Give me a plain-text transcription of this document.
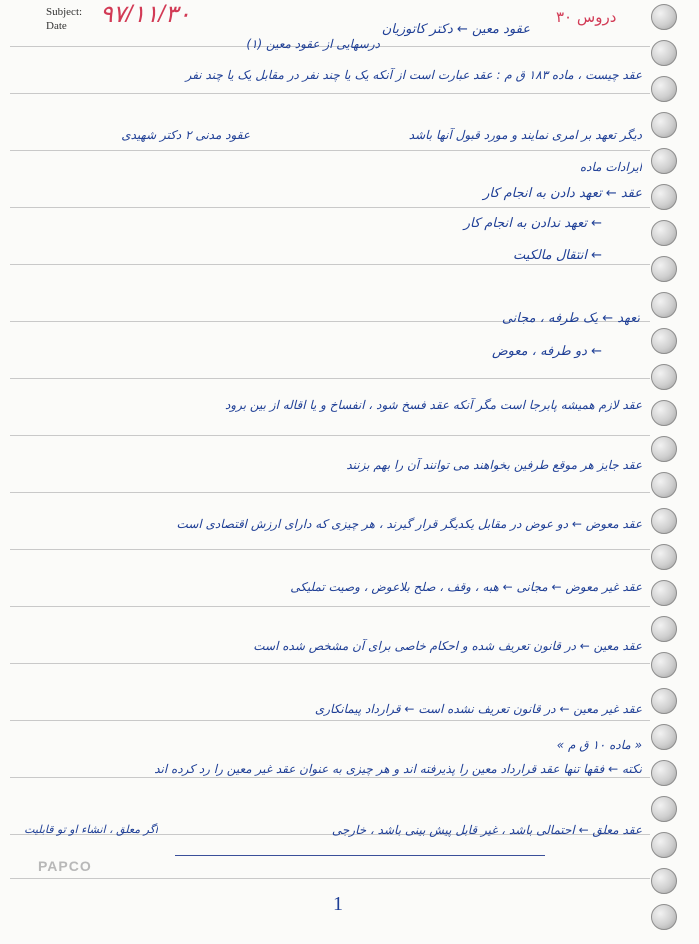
Subject:
Date ۹۷/۱۱/۳۰	دروس ۳۰
عقود معین ← دکتر کاتوزیان
درسهایی از عقود معین (۱)
عقد چیست ، ماده ۱۸۳ ق م : عقد عبارت است از آنکه یک یا چند نفر در مقابل یک یا چند نفر
دیگر تعهد بر امری نمایند و مورد قبول آنها باشد
عقود مدنی ۲ دکتر شهیدی
ایرادات ماده
عقد ← تعهد دادن به انجام کار
← تعهد ندادن به انجام کار
← انتقال مالکیت
تعهد ← یک طرفه ، مجانی
← دو طرفه ، معوض
عقد لازم همیشه پابرجا است مگر آنکه عقد فسخ شود ، انفساخ و یا اقاله از بین برود
عقد جایز هر موقع طرفین بخواهند می توانند آن را بهم بزنند
عقد معوض ← دو عوض در مقابل یکدیگر قرار گیرند ، هر چیزی که دارای ارزش اقتصادی است
عقد غیر معوض ← مجانی ← هبه ، وقف ، صلح بلاعوض ، وصیت تملیکی
عقد معین ← در قانون تعریف شده و احکام خاصی برای آن مشخص شده است
عقد غیر معین ← در قانون تعریف نشده است ← قرارداد پیمانکاری
« ماده ۱۰ ق م »
نکته ← فقها تنها عقد قرارداد معین را پذیرفته اند و هر چیزی به عنوان عقد غیر معین را رد کرده اند
عقد معلق ← احتمالی باشد ، غیر قابل پیش بینی باشد ، خارجی
اگر معلق ، انشاء او تو قابلیت
PAPCO
1
